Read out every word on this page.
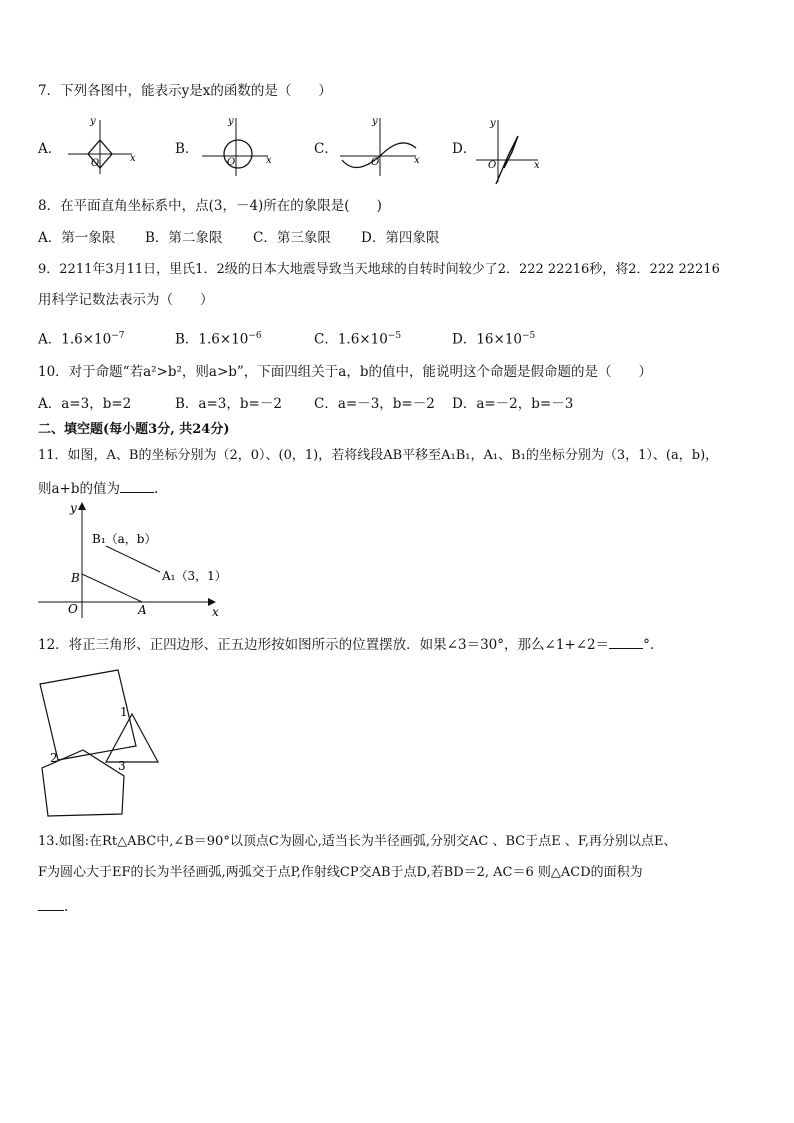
7．下列各图中，能表示y是x的函数的是（　　）
A．
y
x
O
B．
y
x
O
C．
y
x
O
D．
y
x
O
8．在平面直角坐标系中，点(3，－4)所在的象限是(　　)
A．第一象限 B．第二象限 C．第三象限 D．第四象限
9．2211年3月11日，里氏1．2级的日本大地震导致当天地球的自转时间较少了2．222 22216秒，将2．222 22216
用科学记数法表示为（　　）
A．$1.6\times 10^{-7}$	B．$1.6\times 10^{-6}$	C．$1.6\times 10^{-5}$	D．$16\times 10^{-5}$
10．对于命题“若a²>b²，则a>b”，下面四组关于a，b的值中，能说明这个命题是假命题的是（　　）
A．a=3，b=2	B．a=3，b=－2 C．a=－3，b=－2 D．a=－2，b=－3
二、填空题(每小题3分, 共24分)
11．如图，A、B的坐标分别为（2，0）、(0，1)，若将线段AB平移至A₁B₁，A₁、B₁的坐标分别为（3，1）、(a，b)，
则a+b的值为	.
y
x
O	A
B
B₁（a，b）
A₁（3，1）
12．将正三角形、正四边形、正五边形按如图所示的位置摆放．如果∠3＝30°，那么∠1+∠2＝	°.
1
2
3
13.如图:在Rt△ABC中,∠B＝90°以顶点C为圆心,适当长为半径画弧,分别交AC 、BC于点E 、F,再分别以点E、
F为圆心大于EF的长为半径画弧,两弧交于点P,作射线CP交AB于点D,若BD＝2, AC＝6 则△ACD的面积为
.
